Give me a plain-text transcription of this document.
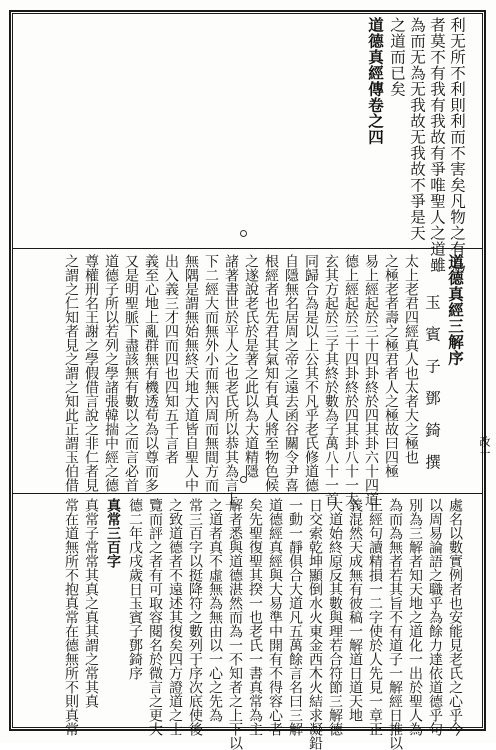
利无所不利則利而不害矣凡物之有為
者莫不有我有我故有爭唯聖人之道雖
為而无為无我故无我故不爭是天
之道而已矣
道德真經傳卷之四
道德真經三解序
玉　賓　子　鄧　錡　撰
太上老君四經真人也太者大之極也
之極老者壽之極君者人之極故曰四極
易上經起於三十四卦終於四其卦六十四道
德上經起於三十四卦終於四其卦八十一太
玄其方起於三子其終於數為子萬八十一首
同歸合為是以上公其不凡乎老氏修道德
自隱無名居周之帝之遠去函谷關令尹喜
根經者也先君其氣知有真人將至物色候
之遂說老氏於是著之此以為大道精隱
諸著書世於平人之也老氏所以恭其為言上
下二經大而無外小而無內周而無間方而
無隅是謂無始無終天地大道皆自聖人中
出入義三才四而四也四知五千言者
義至心地上亂群無有機透苟為以尊而多
又是明聖脈下盡該無有數以之而言必首
道德子所以若列之學諸張韓揣中經之德
尊權刑名王謝之學假借言說之非仁者見
之謂之仁知者見之謂之知此正謂玉伯借	改一
處名以數實例者也安能見老氏之心乎今
以周易論語之職乎為餘力達依道德乎句
別為三解者知天地之道化一出於聖人為
為而為無者若其旨不有道子一解經日推以
正經句讀精損一二字使於人先見一章正
義混然天成無有彼稿一解道日道天地
大道始終原反其數與理若合符節三解德
日交索乾坤顯倒水火東金西木火結求凝鉛
一動一靜俱合大道凡五萬餘言名曰三解
道德經真經與大易準中開有不得容心者
矣先聖復聖其揆一也老氏一書真常為主
解者悉與道德湛然而為一不知者之上下以
之道者真不虛無為無由以一心之先為
常三百字以挺降符之數列于序次底使後
之致道德者不遠述其復矣四方證道之士
覽而評之者有可取容閱名於微言之更大
德二年戊戌歲日玉賓子鄧錡序
真常三百字
真常子常常其真之真其謂之常其真
常在道無所不抱真常在德無所不則真常
